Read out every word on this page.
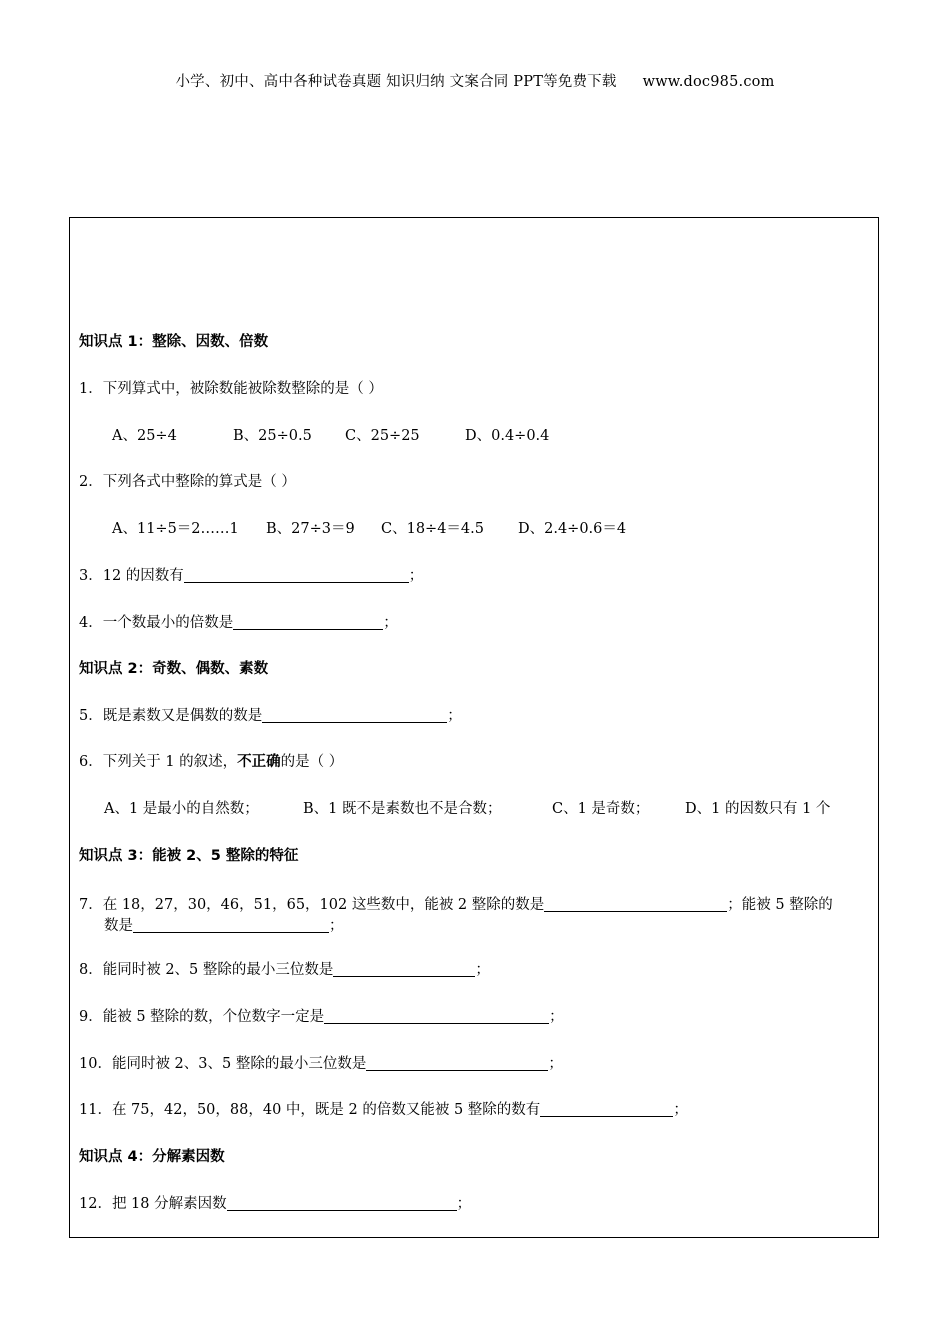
小学、初中、高中各种试卷真题 知识归纳 文案合同 PPT等免费下载 www.doc985.com
知识点 1：整除、因数、倍数
1．下列算式中，被除数能被除数整除的是（ ）
A、25÷4	B、25÷0.5 C、25÷25	D、0.4÷0.4
2．下列各式中整除的算式是（ ）
A、11÷5＝2……1 B、27÷3＝9 C、18÷4＝4.5 D、2.4÷0.6＝4
3．12 的因数有	；
4．一个数最小的倍数是	；
知识点 2：奇数、偶数、素数
5．既是素数又是偶数的数是	；
6．下列关于 1 的叙述，不正确的是（ ）
A、1 是最小的自然数；	B、1 既不是素数也不是合数；	C、1 是奇数； D、1 的因数只有 1 个
知识点 3：能被 2、5 整除的特征
7．在 18，27，30，46，51，65，102 这些数中，能被 2 整除的数是	；能被 5 整除的
数是	；
8．能同时被 2、5 整除的最小三位数是	；
9．能被 5 整除的数，个位数字一定是	；
10．能同时被 2、3、5 整除的最小三位数是	；
11．在 75，42，50，88，40 中，既是 2 的倍数又能被 5 整除的数有	；
知识点 4：分解素因数
12．把 18 分解素因数	；
